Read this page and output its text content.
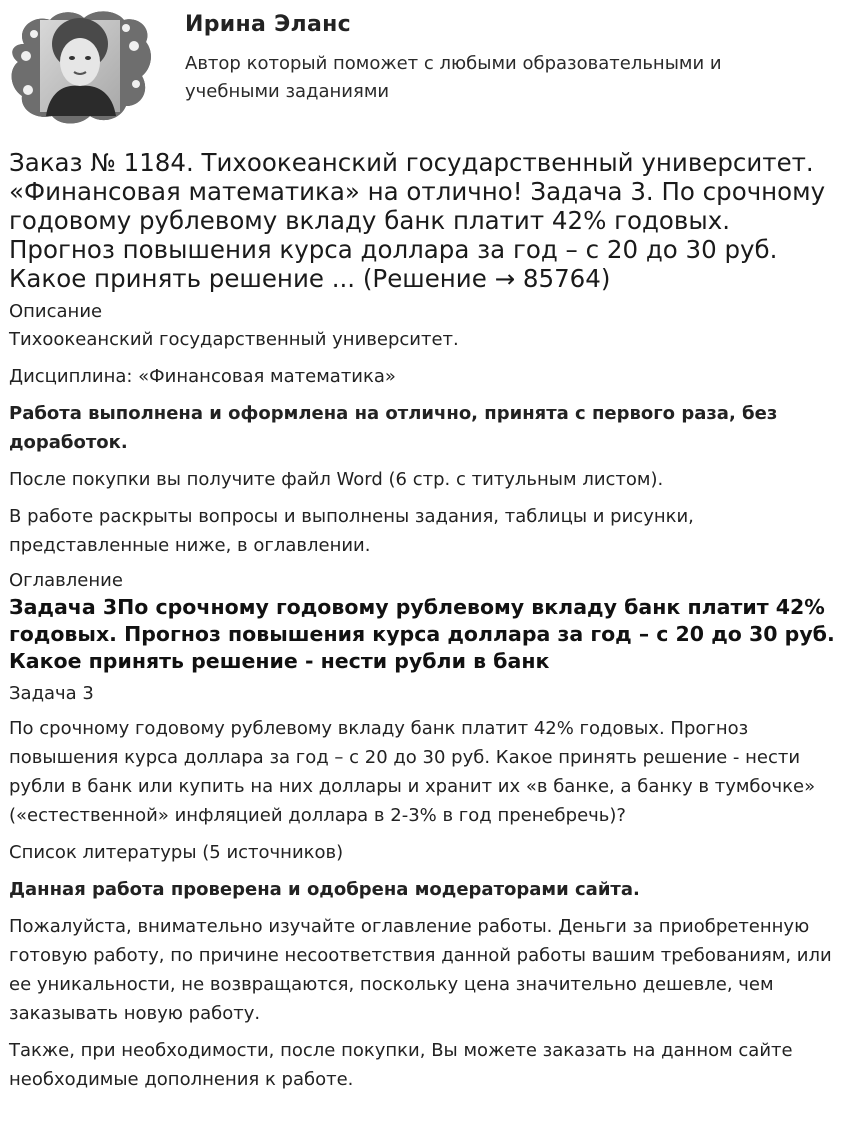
Ирина Эланс
Автор который поможет с любыми образовательными и учебными заданиями
Заказ № 1184. Тихоокеанский государственный университет. «Финансовая математика» на отлично! Задача 3. По срочному годовому рублевому вкладу банк платит 42% годовых. Прогноз повышения курса доллара за год – с 20 до 30 руб. Какое принять решение ... (Решение → 85764)

Описание

Тихоокеанский государственный университет.

Дисциплина: «Финансовая математика»

Работа выполнена и оформлена на отлично, принята с первого раза, без доработок.

После покупки вы получите файл Word (6 стр. с титульным листом).

В работе раскрыты вопросы и выполнены задания, таблицы и рисунки, представленные ниже, в оглавлении.

Оглавление

Задача 3По срочному годовому рублевому вкладу банк платит 42% годовых. Прогноз повышения курса доллара за год – с 20 до 30 руб. Какое принять решение - нести рубли в банк

Задача 3

По срочному годовому рублевому вкладу банк платит 42% годовых. Прогноз повышения курса доллара за год – с 20 до 30 руб. Какое принять решение - нести рубли в банк или купить на них доллары и хранит их «в банке, а банку в тумбочке» («естественной» инфляцией доллара в 2-3% в год пренебречь)?

Список литературы (5 источников)

Данная работа проверена и одобрена модераторами сайта.

Пожалуйста, внимательно изучайте оглавление работы. Деньги за приобретенную готовую работу, по причине несоответствия данной работы вашим требованиям, или ее уникальности, не возвращаются, поскольку цена значительно дешевле, чем заказывать новую работу.

Также, при необходимости, после покупки, Вы можете заказать на данном сайте необходимые дополнения к работе.
